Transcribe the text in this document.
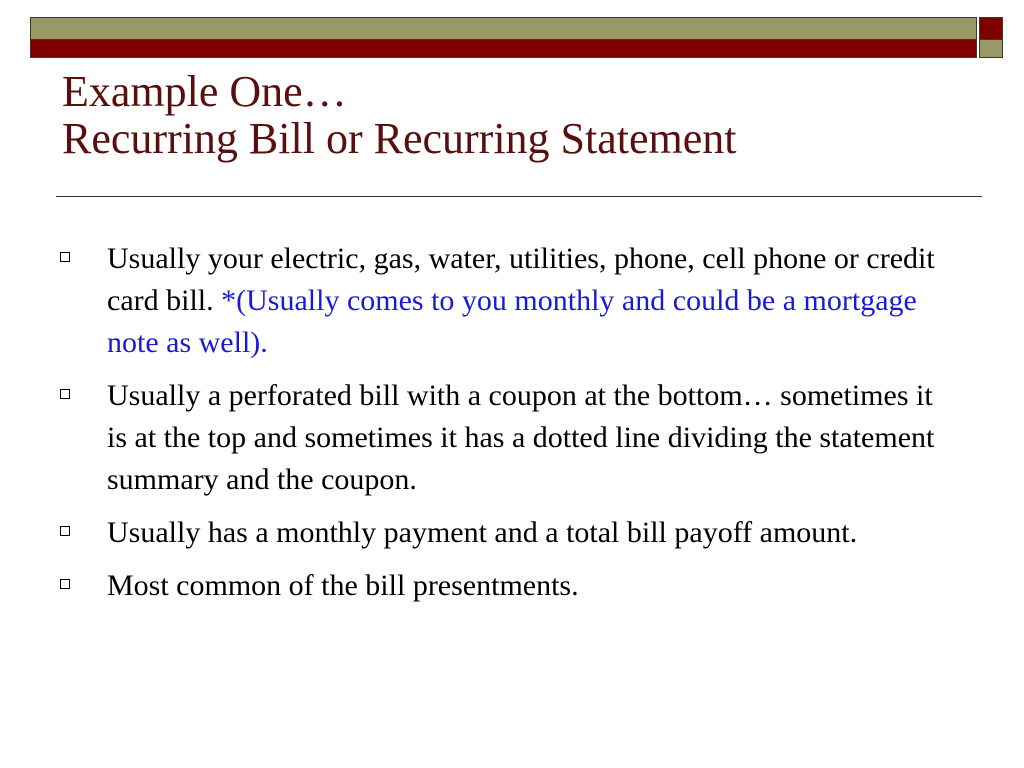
Example One…
Recurring Bill or Recurring Statement
Usually your electric, gas, water, utilities, phone, cell phone or credit card bill. *(Usually comes to you monthly and could be a mortgage note as well).
Usually a perforated bill with a coupon at the bottom… sometimes it is at the top and sometimes it has a dotted line dividing the statement summary and the coupon.
Usually has a monthly payment and a total bill payoff amount.
Most common of the bill presentments.
